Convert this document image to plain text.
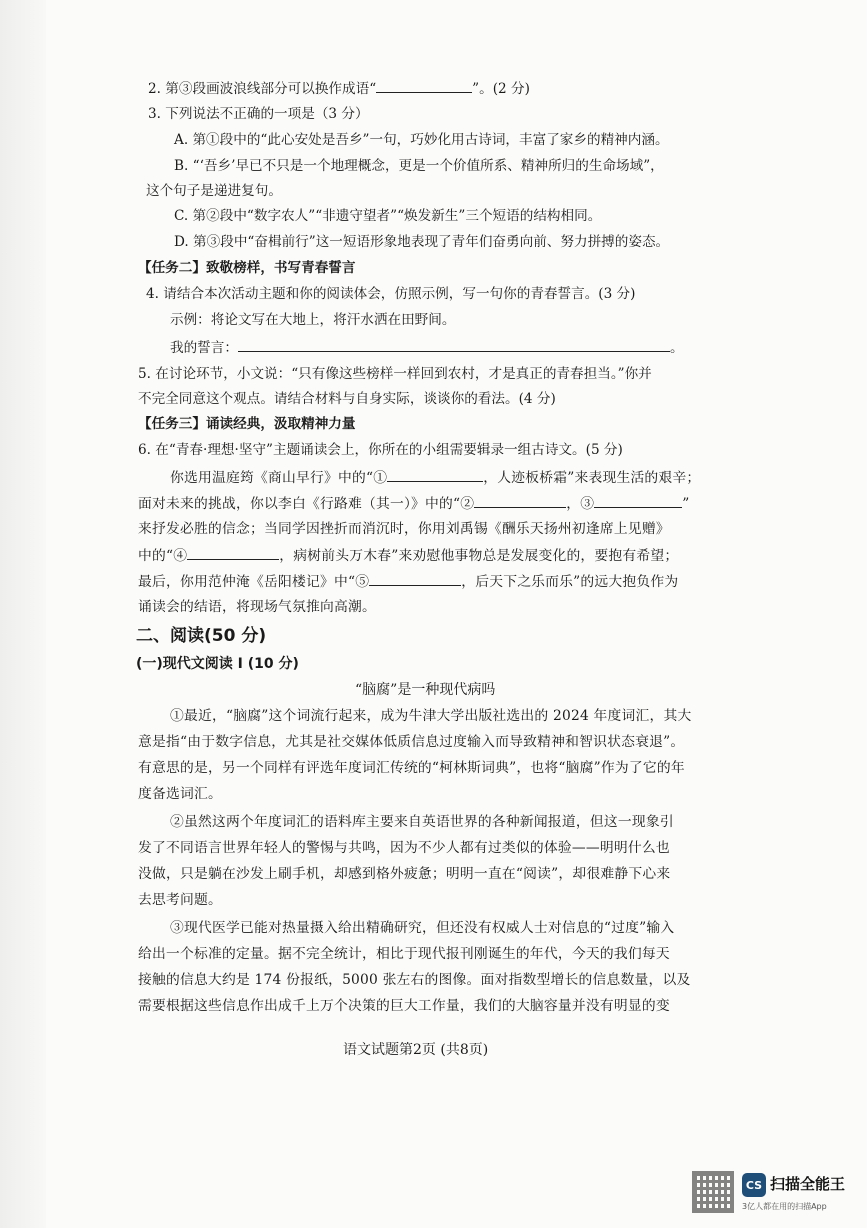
2. 第③段画波浪线部分可以换作成语“	”。(2 分)
3. 下列说法不正确的一项是（3 分）
A. 第①段中的“此心安处是吾乡”一句，巧妙化用古诗词，丰富了家乡的精神内涵。
B. “‘吾乡’早已不只是一个地理概念，更是一个价值所系、精神所归的生命场域”，
这个句子是递进复句。
C. 第②段中“数字农人”“非遗守望者”“焕发新生”三个短语的结构相同。
D. 第③段中“奋楫前行”这一短语形象地表现了青年们奋勇向前、努力拼搏的姿态。
【任务二】致敬榜样，书写青春誓言
4. 请结合本次活动主题和你的阅读体会，仿照示例，写一句你的青春誓言。(3 分)
示例：将论文写在大地上，将汗水洒在田野间。
我的誓言：	。
5. 在讨论环节，小文说：“只有像这些榜样一样回到农村，才是真正的青春担当。”你并
不完全同意这个观点。请结合材料与自身实际，谈谈你的看法。(4 分)
【任务三】诵读经典，汲取精神力量
6. 在“青春·理想·坚守”主题诵读会上，你所在的小组需要辑录一组古诗文。(5 分)
你选用温庭筠《商山早行》中的“①	，人迹板桥霜”来表现生活的艰辛；
面对未来的挑战，你以李白《行路难（其一）》中的“②	，③	”
来抒发必胜的信念；当同学因挫折而消沉时，你用刘禹锡《酬乐天扬州初逢席上见赠》
中的“④	，病树前头万木春”来劝慰他事物总是发展变化的，要抱有希望；
最后，你用范仲淹《岳阳楼记》中“⑤	，后天下之乐而乐”的远大抱负作为
诵读会的结语，将现场气氛推向高潮。
二、阅读(50 分)
(一)现代文阅读 I (10 分)
“脑腐”是一种现代病吗
①最近，“脑腐”这个词流行起来，成为牛津大学出版社选出的 2024 年度词汇，其大
意是指“由于数字信息，尤其是社交媒体低质信息过度输入而导致精神和智识状态衰退”。
有意思的是，另一个同样有评选年度词汇传统的“柯林斯词典”，也将“脑腐”作为了它的年
度备选词汇。
②虽然这两个年度词汇的语料库主要来自英语世界的各种新闻报道，但这一现象引
发了不同语言世界年轻人的警惕与共鸣，因为不少人都有过类似的体验——明明什么也
没做，只是躺在沙发上刷手机，却感到格外疲惫；明明一直在“阅读”，却很难静下心来
去思考问题。
③现代医学已能对热量摄入给出精确研究，但还没有权威人士对信息的“过度”输入
给出一个标准的定量。据不完全统计，相比于现代报刊刚诞生的年代，今天的我们每天
接触的信息大约是 174 份报纸，5000 张左右的图像。面对指数型增长的信息数量，以及
需要根据这些信息作出成千上万个决策的巨大工作量，我们的大脑容量并没有明显的变
语文试题第2页 (共8页)
CS 扫描全能王
3亿人都在用的扫描App
